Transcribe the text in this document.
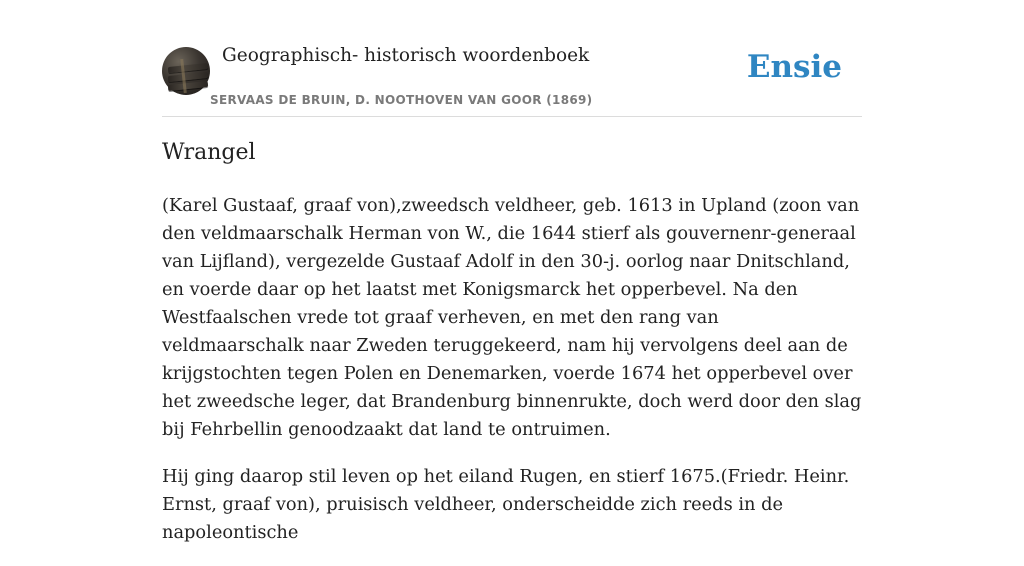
Geographisch- historisch woordenboek
SERVAAS DE BRUIN, D. NOOTHOVEN VAN GOOR (1869)
Ensie
Wrangel

(Karel Gustaaf, graaf von),zweedsch veldheer, geb. 1613 in Upland (zoon van den veldmaarschalk Herman von W., die 1644 stierf als gouvernenr-generaal van Lijfland), vergezelde Gustaaf Adolf in den 30-j. oorlog naar Dnitschland, en voerde daar op het laatst met Konigsmarck het opperbevel. Na den Westfaalschen vrede tot graaf verheven, en met den rang van veldmaarschalk naar Zweden teruggekeerd, nam hij vervolgens deel aan de krijgstochten tegen Polen en Denemarken, voerde 1674 het opperbevel over het zweedsche leger, dat Brandenburg binnenrukte, doch werd door den slag bij Fehrbellin genoodzaakt dat land te ontruimen.

Hij ging daarop stil leven op het eiland Rugen, en stierf 1675.(Friedr. Heinr. Ernst, graaf von), pruisisch veldheer, onderscheidde zich reeds in de napoleontische
